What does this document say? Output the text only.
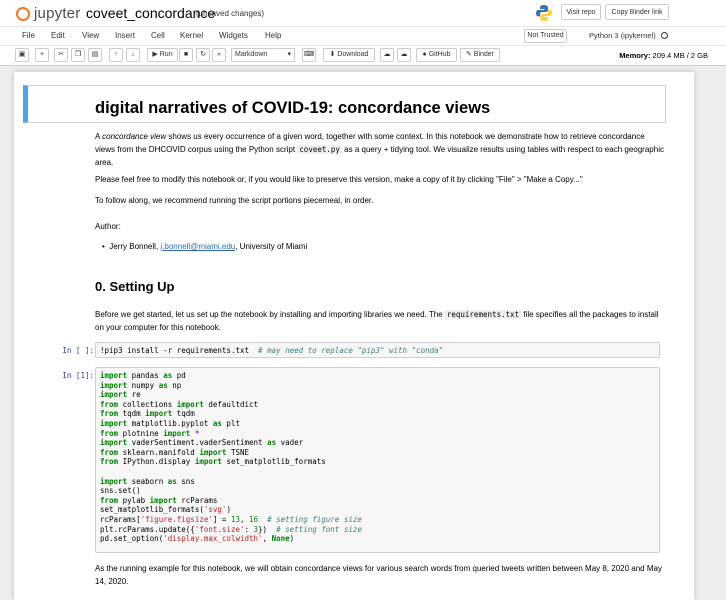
jupyter coveet_concordance
(unsaved changes)	Visit repo	Copy Binder link
File Edit View Insert Cell Kernel Widgets Help	Not Trusted	Python 3 (ipykernel)
▣	+	✂	❐	▤	↑	↓	▶ Run	■	↻	»	Markdown	▾ ⌨	⬇ Download	☁	☁	● GitHub	✎ Binder	Memory: 209.4 MB / 2 GB
digital narratives of COVID-19: concordance views
A concordance view shows us every occurrence of a given word, together with some context. In this notebook we demonstrate how to retrieve concordance views from the DHCOVID corpus using the Python script coveet.py as a query + tidying tool. We visualize results using tables with respect to each geographic area.
Please feel free to modify this notebook or, if you would like to preserve this version, make a copy of it by clicking "File" > "Make a Copy..."
To follow along, we recommend running the script portions piecemeal, in order.
Author:
•  Jerry Bonnell, j.bonnell@miami.edu, University of Miami
0. Setting Up
Before we get started, let us set up the notebook by installing and importing libraries we need. The requirements.txt file specifies all the packages to install on your computer for this notebook.
In [ ]: !pip3 install -r requirements.txt # may need to replace "pip3" with "conda"
In [1]: import pandas as pd
import numpy as np
import re
from collections import defaultdict
from tqdm import tqdm
import matplotlib.pyplot as plt
from plotnine import *
import vaderSentiment.vaderSentiment as vader
from sklearn.manifold import TSNE
from IPython.display import set_matplotlib_formats

import seaborn as sns
sns.set()
from pylab import rcParams
set_matplotlib_formats('svg')
rcParams['figure.figsize'] = 13, 16 # setting figure size
plt.rcParams.update({'font.size': 3})  # setting font size
pd.set_option('display.max_colwidth', None)
As the running example for this notebook, we will obtain concordance views for various search words from queried tweets written between May 8, 2020 and May 14, 2020.
